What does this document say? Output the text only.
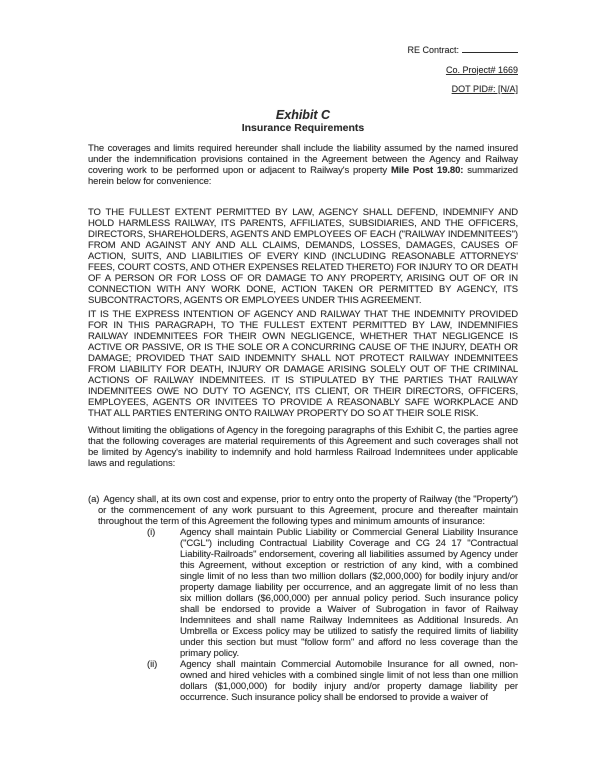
RE Contract:
Co. Project# 1669
DOT PID#: [N/A]
Exhibit C
Insurance Requirements

The coverages and limits required hereunder shall include the liability assumed by the named insured under the indemnification provisions contained in the Agreement between the Agency and Railway covering work to be performed upon or adjacent to Railway's property Mile Post 19.80: summarized herein below for convenience:

TO THE FULLEST EXTENT PERMITTED BY LAW, AGENCY SHALL DEFEND, INDEMNIFY AND HOLD HARMLESS RAILWAY, ITS PARENTS, AFFILIATES, SUBSIDIARIES, AND THE OFFICERS, DIRECTORS, SHAREHOLDERS, AGENTS AND EMPLOYEES OF EACH ("RAILWAY INDEMNITEES") FROM AND AGAINST ANY AND ALL CLAIMS, DEMANDS, LOSSES, DAMAGES, CAUSES OF ACTION, SUITS, AND LIABILITIES OF EVERY KIND (INCLUDING REASONABLE ATTORNEYS' FEES, COURT COSTS, AND OTHER EXPENSES RELATED THERETO) FOR INJURY TO OR DEATH OF A PERSON OR FOR LOSS OF OR DAMAGE TO ANY PROPERTY, ARISING OUT OF OR IN CONNECTION WITH ANY WORK DONE, ACTION TAKEN OR PERMITTED BY AGENCY, ITS SUBCONTRACTORS, AGENTS OR EMPLOYEES UNDER THIS AGREEMENT.

IT IS THE EXPRESS INTENTION OF AGENCY AND RAILWAY THAT THE INDEMNITY PROVIDED FOR IN THIS PARAGRAPH, TO THE FULLEST EXTENT PERMITTED BY LAW, INDEMNIFIES RAILWAY INDEMNITEES FOR THEIR OWN NEGLIGENCE, WHETHER THAT NEGLIGENCE IS ACTIVE OR PASSIVE, OR IS THE SOLE OR A CONCURRING CAUSE OF THE INJURY, DEATH OR DAMAGE; PROVIDED THAT SAID INDEMNITY SHALL NOT PROTECT RAILWAY INDEMNITEES FROM LIABILITY FOR DEATH, INJURY OR DAMAGE ARISING SOLELY OUT OF THE CRIMINAL ACTIONS OF RAILWAY INDEMNITEES. IT IS STIPULATED BY THE PARTIES THAT RAILWAY INDEMNITEES OWE NO DUTY TO AGENCY, ITS CLIENT, OR THEIR DIRECTORS, OFFICERS, EMPLOYEES, AGENTS OR INVITEES TO PROVIDE A REASONABLY SAFE WORKPLACE AND THAT ALL PARTIES ENTERING ONTO RAILWAY PROPERTY DO SO AT THEIR SOLE RISK.

Without limiting the obligations of Agency in the foregoing paragraphs of this Exhibit C, the parties agree that the following coverages are material requirements of this Agreement and such coverages shall not be limited by Agency's inability to indemnify and hold harmless Railroad Indemnitees under applicable laws and regulations:

(a) Agency shall, at its own cost and expense, prior to entry onto the property of Railway (the "Property") or the commencement of any work pursuant to this Agreement, procure and thereafter maintain throughout the term of this Agreement the following types and minimum amounts of insurance:
(i)	Agency shall maintain Public Liability or Commercial General Liability Insurance ("CGL") including Contractual Liability Coverage and CG 24 17 "Contractual Liability-Railroads" endorsement, covering all liabilities assumed by Agency under this Agreement, without exception or restriction of any kind, with a combined single limit of no less than two million dollars ($2,000,000) for bodily injury and/or property damage liability per occurrence, and an aggregate limit of no less than six million dollars ($6,000,000) per annual policy period. Such insurance policy shall be endorsed to provide a Waiver of Subrogation in favor of Railway Indemnitees and shall name Railway Indemnitees as Additional Insureds. An Umbrella or Excess policy may be utilized to satisfy the required limits of liability under this section but must "follow form" and afford no less coverage than the primary policy.
(ii) Agency shall maintain Commercial Automobile Insurance for all owned, non-owned and hired vehicles with a combined single limit of not less than one million dollars ($1,000,000) for bodily injury and/or property damage liability per occurrence. Such insurance policy shall be endorsed to provide a waiver of
